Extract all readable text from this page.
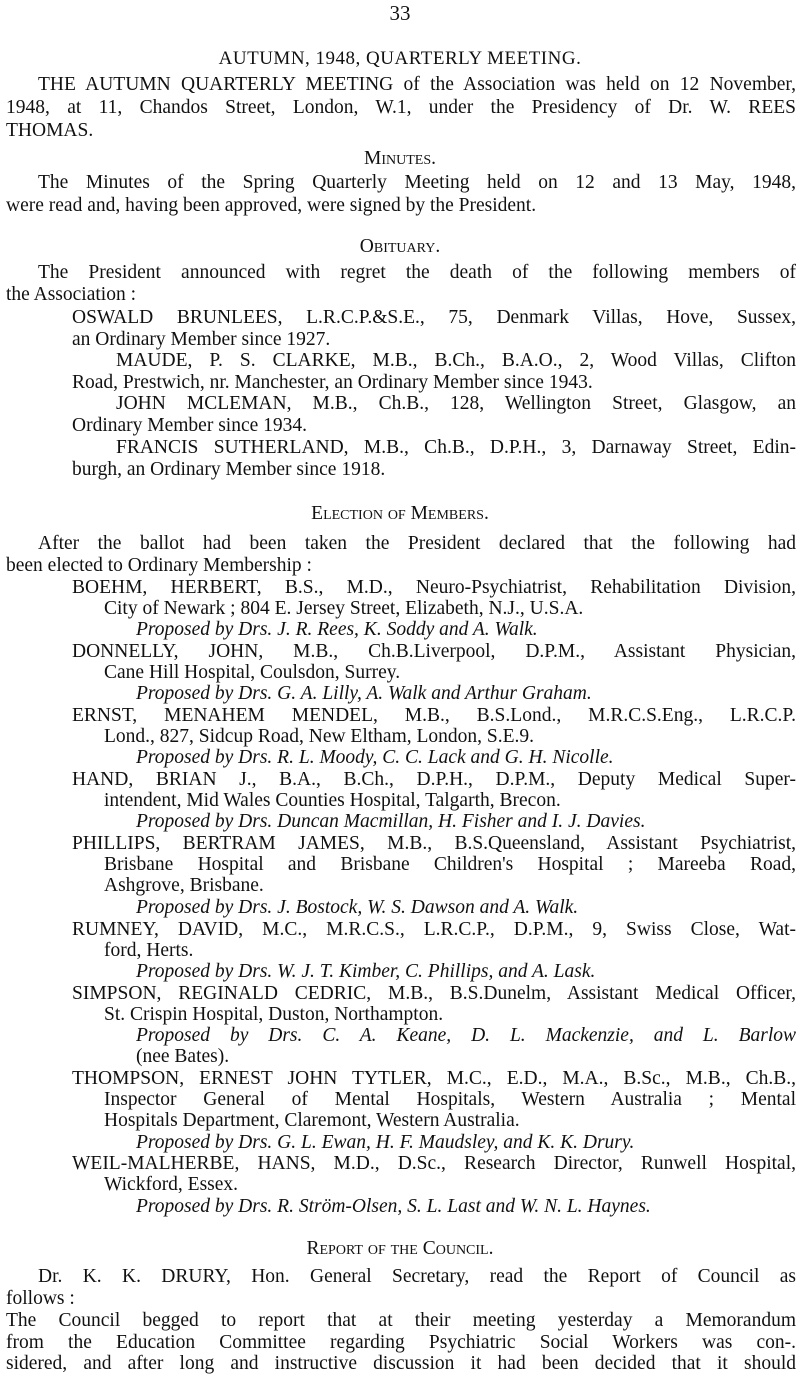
33
AUTUMN, 1948, QUARTERLY MEETING.
THE AUTUMN QUARTERLY MEETING of the Association was held on 12 November,
1948, at 11, Chandos Street, London, W.1, under the Presidency of Dr. W. REES
THOMAS.
Minutes.
The Minutes of the Spring Quarterly Meeting held on 12 and 13 May, 1948,
were read and, having been approved, were signed by the President.
Obituary.
The President announced with regret the death of the following members of
the Association :
OSWALD BRUNLEES, L.R.C.P.&S.E., 75, Denmark Villas, Hove, Sussex,
an Ordinary Member since 1927.
MAUDE, P. S. CLARKE, M.B., B.Ch., B.A.O., 2, Wood Villas, Clifton
Road, Prestwich, nr. Manchester, an Ordinary Member since 1943.
JOHN MCLEMAN, M.B., Ch.B., 128, Wellington Street, Glasgow, an
Ordinary Member since 1934.
FRANCIS SUTHERLAND, M.B., Ch.B., D.P.H., 3, Darnaway Street, Edin-
burgh, an Ordinary Member since 1918.
Election of Members.
After the ballot had been taken the President declared that the following had
been elected to Ordinary Membership :
BOEHM, HERBERT, B.S., M.D., Neuro-Psychiatrist, Rehabilitation Division,
City of Newark ; 804 E. Jersey Street, Elizabeth, N.J., U.S.A.
Proposed by Drs. J. R. Rees, K. Soddy and A. Walk.
DONNELLY, JOHN, M.B., Ch.B.Liverpool, D.P.M., Assistant Physician,
Cane Hill Hospital, Coulsdon, Surrey.
Proposed by Drs. G. A. Lilly, A. Walk and Arthur Graham.
ERNST, MENAHEM MENDEL, M.B., B.S.Lond., M.R.C.S.Eng., L.R.C.P.
Lond., 827, Sidcup Road, New Eltham, London, S.E.9.
Proposed by Drs. R. L. Moody, C. C. Lack and G. H. Nicolle.
HAND, BRIAN J., B.A., B.Ch., D.P.H., D.P.M., Deputy Medical Super-
intendent, Mid Wales Counties Hospital, Talgarth, Brecon.
Proposed by Drs. Duncan Macmillan, H. Fisher and I. J. Davies.
PHILLIPS, BERTRAM JAMES, M.B., B.S.Queensland, Assistant Psychiatrist,
Brisbane Hospital and Brisbane Children's Hospital ; Mareeba Road,
Ashgrove, Brisbane.
Proposed by Drs. J. Bostock, W. S. Dawson and A. Walk.
RUMNEY, DAVID, M.C., M.R.C.S., L.R.C.P., D.P.M., 9, Swiss Close, Wat-
ford, Herts.
Proposed by Drs. W. J. T. Kimber, C. Phillips, and A. Lask.
SIMPSON, REGINALD CEDRIC, M.B., B.S.Dunelm, Assistant Medical Officer,
St. Crispin Hospital, Duston, Northampton.
Proposed by Drs. C. A. Keane, D. L. Mackenzie, and L. Barlow
(nee Bates).
THOMPSON, ERNEST JOHN TYTLER, M.C., E.D., M.A., B.Sc., M.B., Ch.B.,
Inspector General of Mental Hospitals, Western Australia ; Mental
Hospitals Department, Claremont, Western Australia.
Proposed by Drs. G. L. Ewan, H. F. Maudsley, and K. K. Drury.
WEIL-MALHERBE, HANS, M.D., D.Sc., Research Director, Runwell Hospital,
Wickford, Essex.
Proposed by Drs. R. Ström-Olsen, S. L. Last and W. N. L. Haynes.
Report of the Council.
Dr. K. K. DRURY, Hon. General Secretary, read the Report of Council as
follows :
The Council begged to report that at their meeting yesterday a Memorandum
from the Education Committee regarding Psychiatric Social Workers was con-.
sidered, and after long and instructive discussion it had been decided that it should
